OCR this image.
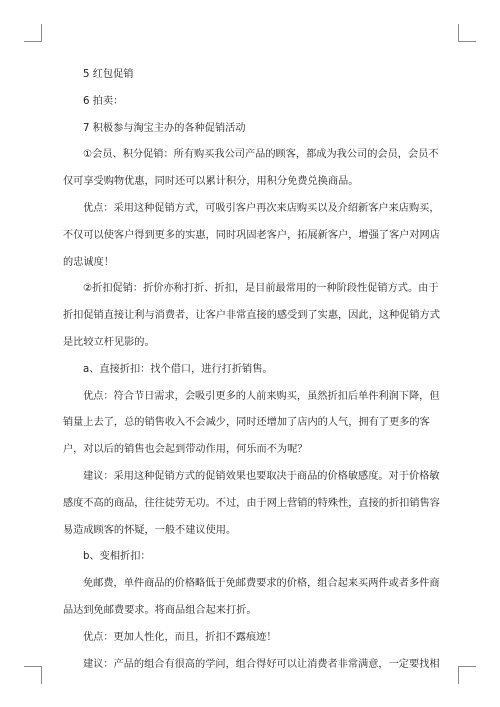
5 红包促销

6 拍卖：

7 积极参与淘宝主办的各种促销活动

①会员、积分促销：所有购买我公司产品的顾客，都成为我公司的会员，会员不仅可享受购物优惠，同时还可以累计积分，用积分免费兑换商品。

优点：采用这种促销方式，可吸引客户再次来店购买以及介绍新客户来店购买，不仅可以使客户得到更多的实惠，同时巩固老客户，拓展新客户，增强了客户对网店的忠诚度！

②折扣促销：折价亦称打折、折扣，是目前最常用的一种阶段性促销方式。由于折扣促销直接让利与消费者，让客户非常直接的感受到了实惠，因此，这种促销方式是比较立杆见影的。

a、直接折扣：找个借口，进行打折销售。

优点：符合节日需求，会吸引更多的人前来购买，虽然折扣后单件利润下降，但销量上去了，总的销售收入不会减少，同时还增加了店内的人气，拥有了更多的客户，对以后的销售也会起到带动作用，何乐而不为呢？

建议：采用这种促销方式的促销效果也要取决于商品的价格敏感度。对于价格敏感度不高的商品，往往徒劳无功。不过，由于网上营销的特殊性，直接的折扣销售容易造成顾客的怀疑，一般不建议使用。

b、变相折扣：

免邮费，单件商品的价格略低于免邮费要求的价格，组合起来买两件或者多件商品达到免邮费要求。将商品组合起来打折。

优点：更加人性化，而且，折扣不露痕迹！

建议：产品的组合有很高的学问，组合得好可以让消费者非常满意，一定要找相
